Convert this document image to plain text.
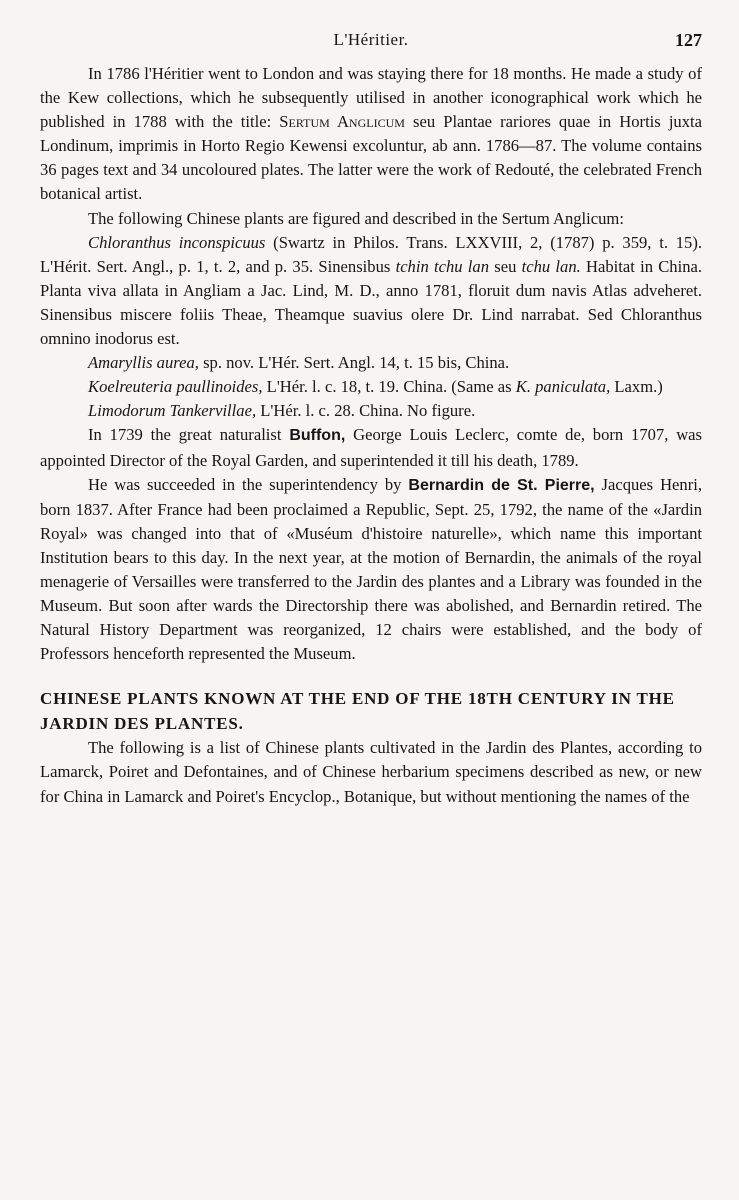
L'Héritier.	127

In 1786 l'Héritier went to London and was staying there for 18 months. He made a study of the Kew collections, which he subsequently utilised in another iconographical work which he published in 1788 with the title: Sertum Anglicum seu Plantae rariores quae in Hortis juxta Londinum, imprimis in Horto Regio Kewensi excoluntur, ab ann. 1786—87. The volume contains 36 pages text and 34 uncoloured plates. The latter were the work of Redouté, the celebrated French botanical artist.

The following Chinese plants are figured and described in the Sertum Anglicum:

Chloranthus inconspicuus (Swartz in Philos. Trans. LXXVIII, 2, (1787) p. 359, t. 15). L'Hérit. Sert. Angl., p. 1, t. 2, and p. 35. Sinensibus tchin tchu lan seu tchu lan. Habitat in China. Planta viva allata in Angliam a Jac. Lind, M. D., anno 1781, floruit dum navis Atlas adveheret. Sinensibus miscere foliis Theae, Theamque suavius olere Dr. Lind narrabat. Sed Chloranthus omnino inodorus est.

Amaryllis aurea, sp. nov. L'Hér. Sert. Angl. 14, t. 15 bis, China.

Koelreuteria paullinoides, L'Hér. l. c. 18, t. 19. China. (Same as K. paniculata, Laxm.)

Limodorum Tankervillae, L'Hér. l. c. 28. China. No figure.

In 1739 the great naturalist Buffon, George Louis Leclerc, comte de, born 1707, was appointed Director of the Royal Garden, and superintended it till his death, 1789.

He was succeeded in the superintendency by Bernardin de St. Pierre, Jacques Henri, born 1837. After France had been proclaimed a Republic, Sept. 25, 1792, the name of the «Jardin Royal» was changed into that of «Muséum d'histoire naturelle», which name this important Institution bears to this day. In the next year, at the motion of Bernardin, the animals of the royal menagerie of Versailles were transferred to the Jardin des plantes and a Library was founded in the Museum. But soon after wards the Directorship there was abolished, and Bernardin retired. The Natural History Department was reorganized, 12 chairs were established, and the body of Professors henceforth represented the Museum.

CHINESE PLANTS KNOWN AT THE END OF THE 18TH CENTURY IN THE JARDIN DES PLANTES.

The following is a list of Chinese plants cultivated in the Jardin des Plantes, according to Lamarck, Poiret and Defontaines, and of Chinese herbarium specimens described as new, or new for China in Lamarck and Poiret's Encyclop., Botanique, but without mentioning the names of the
